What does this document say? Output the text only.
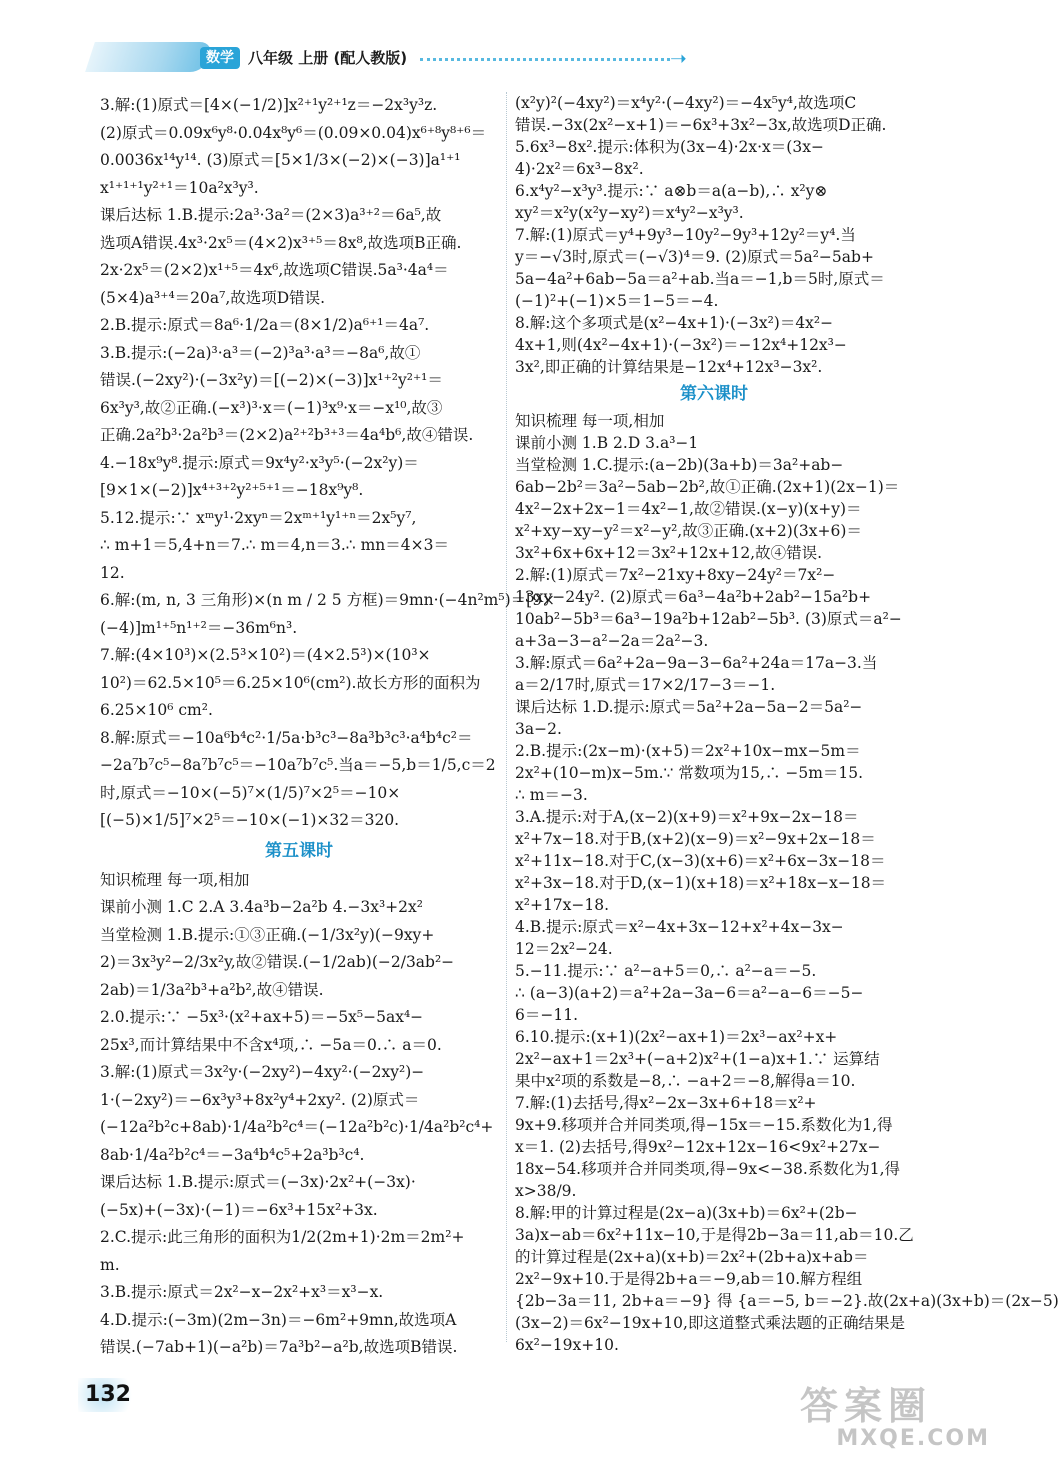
数学 八年级 上册 (配人教版)	➝
3.解:(1)原式＝[4×(−1/2)]x²⁺¹y²⁺¹z＝−2x³y³z.
(2)原式＝0.09x⁶y⁸·0.04x⁸y⁶＝(0.09×0.04)x⁶⁺⁸y⁸⁺⁶＝
0.0036x¹⁴y¹⁴. (3)原式＝[5×1/3×(−2)×(−3)]a¹⁺¹
x¹⁺¹⁺¹y²⁺¹＝10a²x³y³.
课后达标 1.B.提示:2a³·3a²＝(2×3)a³⁺²＝6a⁵,故
选项A错误.4x³·2x⁵＝(4×2)x³⁺⁵＝8x⁸,故选项B正确.
2x·2x⁵＝(2×2)x¹⁺⁵＝4x⁶,故选项C错误.5a³·4a⁴＝
(5×4)a³⁺⁴＝20a⁷,故选项D错误.
2.B.提示:原式＝8a⁶·1/2a＝(8×1/2)a⁶⁺¹＝4a⁷.
3.B.提示:(−2a)³·a³＝(−2)³a³·a³＝−8a⁶,故①
错误.(−2xy²)·(−3x²y)＝[(−2)×(−3)]x¹⁺²y²⁺¹＝
6x³y³,故②正确.(−x³)³·x＝(−1)³x⁹·x＝−x¹⁰,故③
正确.2a²b³·2a²b³＝(2×2)a²⁺²b³⁺³＝4a⁴b⁶,故④错误.
4.−18x⁹y⁸.提示:原式＝9x⁴y²·x³y⁵·(−2x²y)＝
[9×1×(−2)]x⁴⁺³⁺²y²⁺⁵⁺¹＝−18x⁹y⁸.
5.12.提示:∵ xᵐy¹·2xyⁿ＝2xᵐ⁺¹y¹⁺ⁿ＝2x⁵y⁷,
∴ m+1＝5,4+n＝7.∴ m＝4,n＝3.∴ mn＝4×3＝
12.
6.解:(m, n, 3 三角形)×(n m / 2 5 方框)＝9mn·(−4n²m⁵)＝[9×
(−4)]m¹⁺⁵n¹⁺²＝−36m⁶n³.
7.解:(4×10³)×(2.5³×10²)＝(4×2.5³)×(10³×
10²)＝62.5×10⁵＝6.25×10⁶(cm²).故长方形的面积为
6.25×10⁶ cm².
8.解:原式＝−10a⁶b⁴c²·1/5a·b³c³−8a³b³c³·a⁴b⁴c²＝
−2a⁷b⁷c⁵−8a⁷b⁷c⁵＝−10a⁷b⁷c⁵.当a＝−5,b＝1/5,c＝2
时,原式＝−10×(−5)⁷×(1/5)⁷×2⁵＝−10×
[(−5)×1/5]⁷×2⁵＝−10×(−1)×32＝320.
第五课时
知识梳理 每一项,相加
课前小测 1.C 2.A 3.4a³b−2a²b 4.−3x³+2x²
当堂检测 1.B.提示:①③正确.(−1/3x²y)(−9xy+
2)＝3x³y²−2/3x²y,故②错误.(−1/2ab)(−2/3ab²−
2ab)＝1/3a²b³+a²b²,故④错误.
2.0.提示:∵ −5x³·(x²+ax+5)＝−5x⁵−5ax⁴−
25x³,而计算结果中不含x⁴项,∴ −5a＝0.∴ a＝0.
3.解:(1)原式＝3x²y·(−2xy²)−4xy²·(−2xy²)−
1·(−2xy²)＝−6x³y³+8x²y⁴+2xy². (2)原式＝
(−12a²b²c+8ab)·1/4a²b²c⁴＝(−12a²b²c)·1/4a²b²c⁴+
8ab·1/4a²b²c⁴＝−3a⁴b⁴c⁵+2a³b³c⁴.
课后达标 1.B.提示:原式＝(−3x)·2x²+(−3x)·
(−5x)+(−3x)·(−1)＝−6x³+15x²+3x.
2.C.提示:此三角形的面积为1/2(2m+1)·2m＝2m²+
m.
3.B.提示:原式＝2x²−x−2x²+x³＝x³−x.
4.D.提示:(−3m)(2m−3n)＝−6m²+9mn,故选项A
错误.(−7ab+1)(−a²b)＝7a³b²−a²b,故选项B错误.
(x²y)²(−4xy²)＝x⁴y²·(−4xy²)＝−4x⁵y⁴,故选项C
错误.−3x(2x²−x+1)＝−6x³+3x²−3x,故选项D正确.
5.6x³−8x².提示:体积为(3x−4)·2x·x＝(3x−
4)·2x²＝6x³−8x².
6.x⁴y²−x³y³.提示:∵ a⊗b＝a(a−b),∴ x²y⊗
xy²＝x²y(x²y−xy²)＝x⁴y²−x³y³.
7.解:(1)原式＝y⁴+9y³−10y²−9y³+12y²＝y⁴.当
y＝−√3时,原式＝(−√3)⁴＝9. (2)原式＝5a²−5ab+
5a−4a²+6ab−5a＝a²+ab.当a＝−1,b＝5时,原式＝
(−1)²+(−1)×5＝1−5＝−4.
8.解:这个多项式是(x²−4x+1)·(−3x²)＝4x²−
4x+1,则(4x²−4x+1)·(−3x²)＝−12x⁴+12x³−
3x²,即正确的计算结果是−12x⁴+12x³−3x².
第六课时
知识梳理 每一项,相加
课前小测 1.B 2.D 3.a³−1
当堂检测 1.C.提示:(a−2b)(3a+b)＝3a²+ab−
6ab−2b²＝3a²−5ab−2b²,故①正确.(2x+1)(2x−1)＝
4x²−2x+2x−1＝4x²−1,故②错误.(x−y)(x+y)＝
x²+xy−xy−y²＝x²−y²,故③正确.(x+2)(3x+6)＝
3x²+6x+6x+12＝3x²+12x+12,故④错误.
2.解:(1)原式＝7x²−21xy+8xy−24y²＝7x²−
13xy−24y². (2)原式＝6a³−4a²b+2ab²−15a²b+
10ab²−5b³＝6a³−19a²b+12ab²−5b³. (3)原式＝a²−
a+3a−3−a²−2a＝2a²−3.
3.解:原式＝6a²+2a−9a−3−6a²+24a＝17a−3.当
a＝2/17时,原式＝17×2/17−3＝−1.
课后达标 1.D.提示:原式＝5a²+2a−5a−2＝5a²−
3a−2.
2.B.提示:(2x−m)·(x+5)＝2x²+10x−mx−5m＝
2x²+(10−m)x−5m.∵ 常数项为15,∴ −5m＝15.
∴ m＝−3.
3.A.提示:对于A,(x−2)(x+9)＝x²+9x−2x−18＝
x²+7x−18.对于B,(x+2)(x−9)＝x²−9x+2x−18＝
x²+11x−18.对于C,(x−3)(x+6)＝x²+6x−3x−18＝
x²+3x−18.对于D,(x−1)(x+18)＝x²+18x−x−18＝
x²+17x−18.
4.B.提示:原式＝x²−4x+3x−12+x²+4x−3x−
12＝2x²−24.
5.−11.提示:∵ a²−a+5＝0,∴ a²−a＝−5.
∴ (a−3)(a+2)＝a²+2a−3a−6＝a²−a−6＝−5−
6＝−11.
6.10.提示:(x+1)(2x²−ax+1)＝2x³−ax²+x+
2x²−ax+1＝2x³+(−a+2)x²+(1−a)x+1.∵ 运算结
果中x²项的系数是−8,∴ −a+2＝−8,解得a＝10.
7.解:(1)去括号,得x²−2x−3x+6+18＝x²+
9x+9.移项并合并同类项,得−15x＝−15.系数化为1,得
x＝1. (2)去括号,得9x²−12x+12x−16<9x²+27x−
18x−54.移项并合并同类项,得−9x<−38.系数化为1,得
x>38/9.
8.解:甲的计算过程是(2x−a)(3x+b)＝6x²+(2b−
3a)x−ab＝6x²+11x−10,于是得2b−3a＝11,ab＝10.乙
的计算过程是(2x+a)(x+b)＝2x²+(2b+a)x+ab＝
2x²−9x+10.于是得2b+a＝−9,ab＝10.解方程组
{2b−3a＝11, 2b+a＝−9} 得 {a＝−5, b＝−2}.故(2x+a)(3x+b)＝(2x−5)
(3x−2)＝6x²−19x+10,即这道整式乘法题的正确结果是
6x²−19x+10.
132	答案圈
MXQE.COM
